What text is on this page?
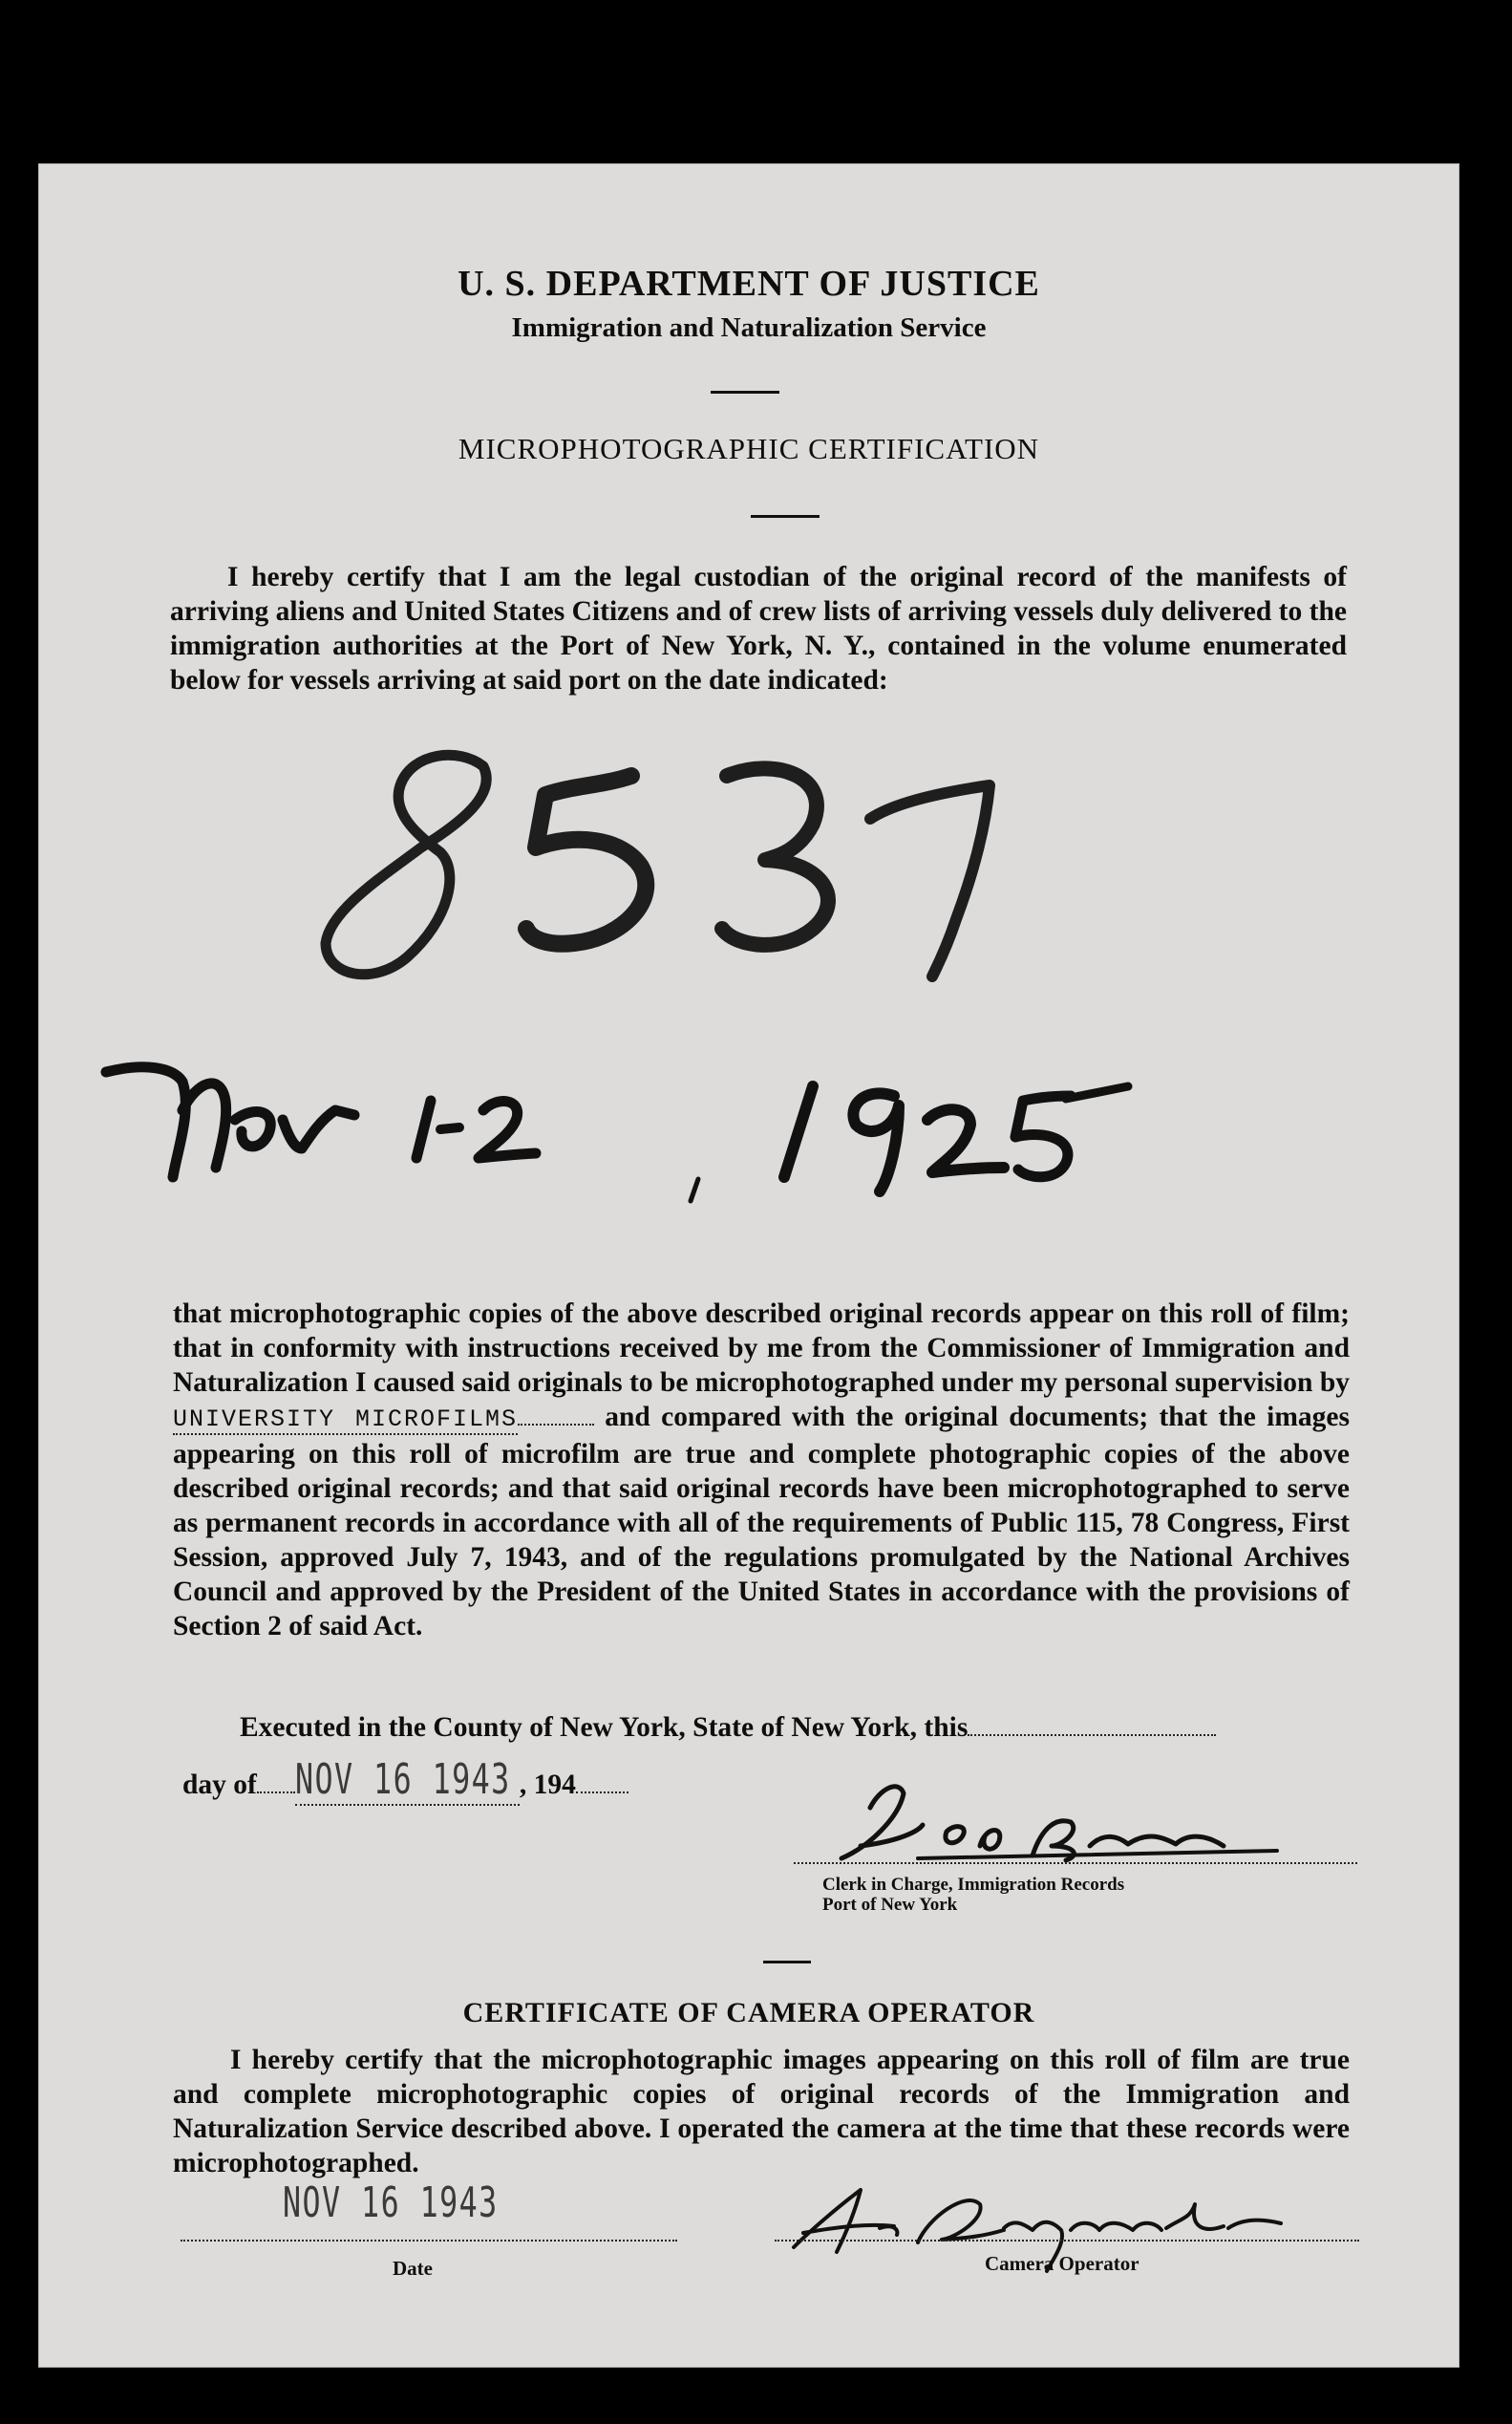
U. S. DEPARTMENT OF JUSTICE
Immigration and Naturalization Service
MICROPHOTOGRAPHIC CERTIFICATION
I hereby certify that I am the legal custodian of the original record of the manifests of arriving aliens and United States Citizens and of crew lists of arriving vessels duly delivered to the immigration authorities at the Port of New York, N. Y., contained in the volume enumerated below for vessels arriving at said port on the date indicated:
that microphotographic copies of the above described original records appear on this roll of film; that in conformity with instructions received by me from the Commissioner of Immigration and Naturalization I caused said originals to be microphotographed under my personal supervision by UNIVERSITY MICROFILMS	and compared with the original documents; that the images appearing on this roll of microfilm are true and complete photographic copies of the above described original records; and that said original records have been microphotographed to serve as permanent records in accordance with all of the requirements of Public 115, 78 Congress, First Session, approved July 7, 1943, and of the regulations promulgated by the National Archives Council and approved by the President of the United States in accordance with the provisions of Section 2 of said Act.
Executed in the County of New York, State of New York, this
day of NOV 16 1943 , 194
Clerk in Charge, Immigration Records
Port of New York
CERTIFICATE OF CAMERA OPERATOR
I hereby certify that the microphotographic images appearing on this roll of film are true and complete microphotographic copies of original records of the Immigration and Naturalization Service described above. I operated the camera at the time that these records were microphotographed.
NOV 16 1943
Date	Camera Operator
